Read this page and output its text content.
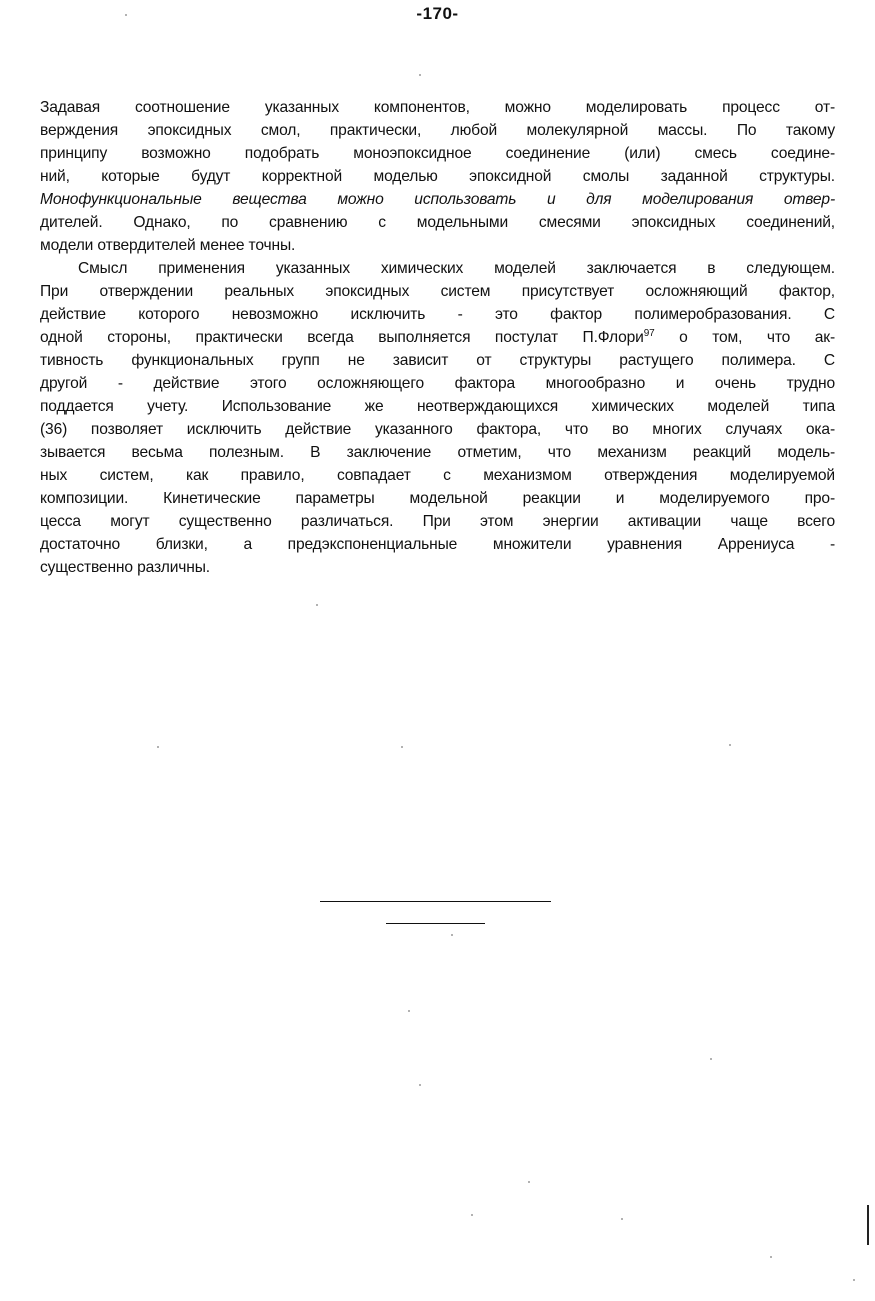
-170-
Задавая соотношение указанных компонентов, можно моделировать процесс от-
верждения эпоксидных смол, практически, любой молекулярной массы. По такому
принципу возможно подобрать моноэпоксидное соединение (или) смесь соедине-
ний, которые будут корректной моделью эпоксидной смолы заданной структуры.
Монофункциональные вещества можно использовать и для моделирования отвер-
дителей. Однако, по сравнению с модельными смесями эпоксидных соединений,
модели отвердителей менее точны.
Смысл применения указанных химических моделей заключается в следующем.
При отверждении реальных эпоксидных систем присутствует осложняющий фактор,
действие которого невозможно исключить - это фактор полимеробразования. С
одной стороны, практически всегда выполняется постулат П.Флори$^{97}$ о том, что ак-
тивность функциональных групп не зависит от структуры растущего полимера. С
другой - действие этого осложняющего фактора многообразно и очень трудно
поддается учету. Использование же неотверждающихся химических моделей типа
(36) позволяет исключить действие указанного фактора, что во многих случаях ока-
зывается весьма полезным. В заключение отметим, что механизм реакций модель-
ных систем, как правило, совпадает с механизмом отверждения моделируемой
композиции. Кинетические параметры модельной реакции и моделируемого про-
цесса могут существенно различаться. При этом энергии активации чаще всего
достаточно близки, а предэкспоненциальные множители уравнения Аррениуса -
существенно различны.
